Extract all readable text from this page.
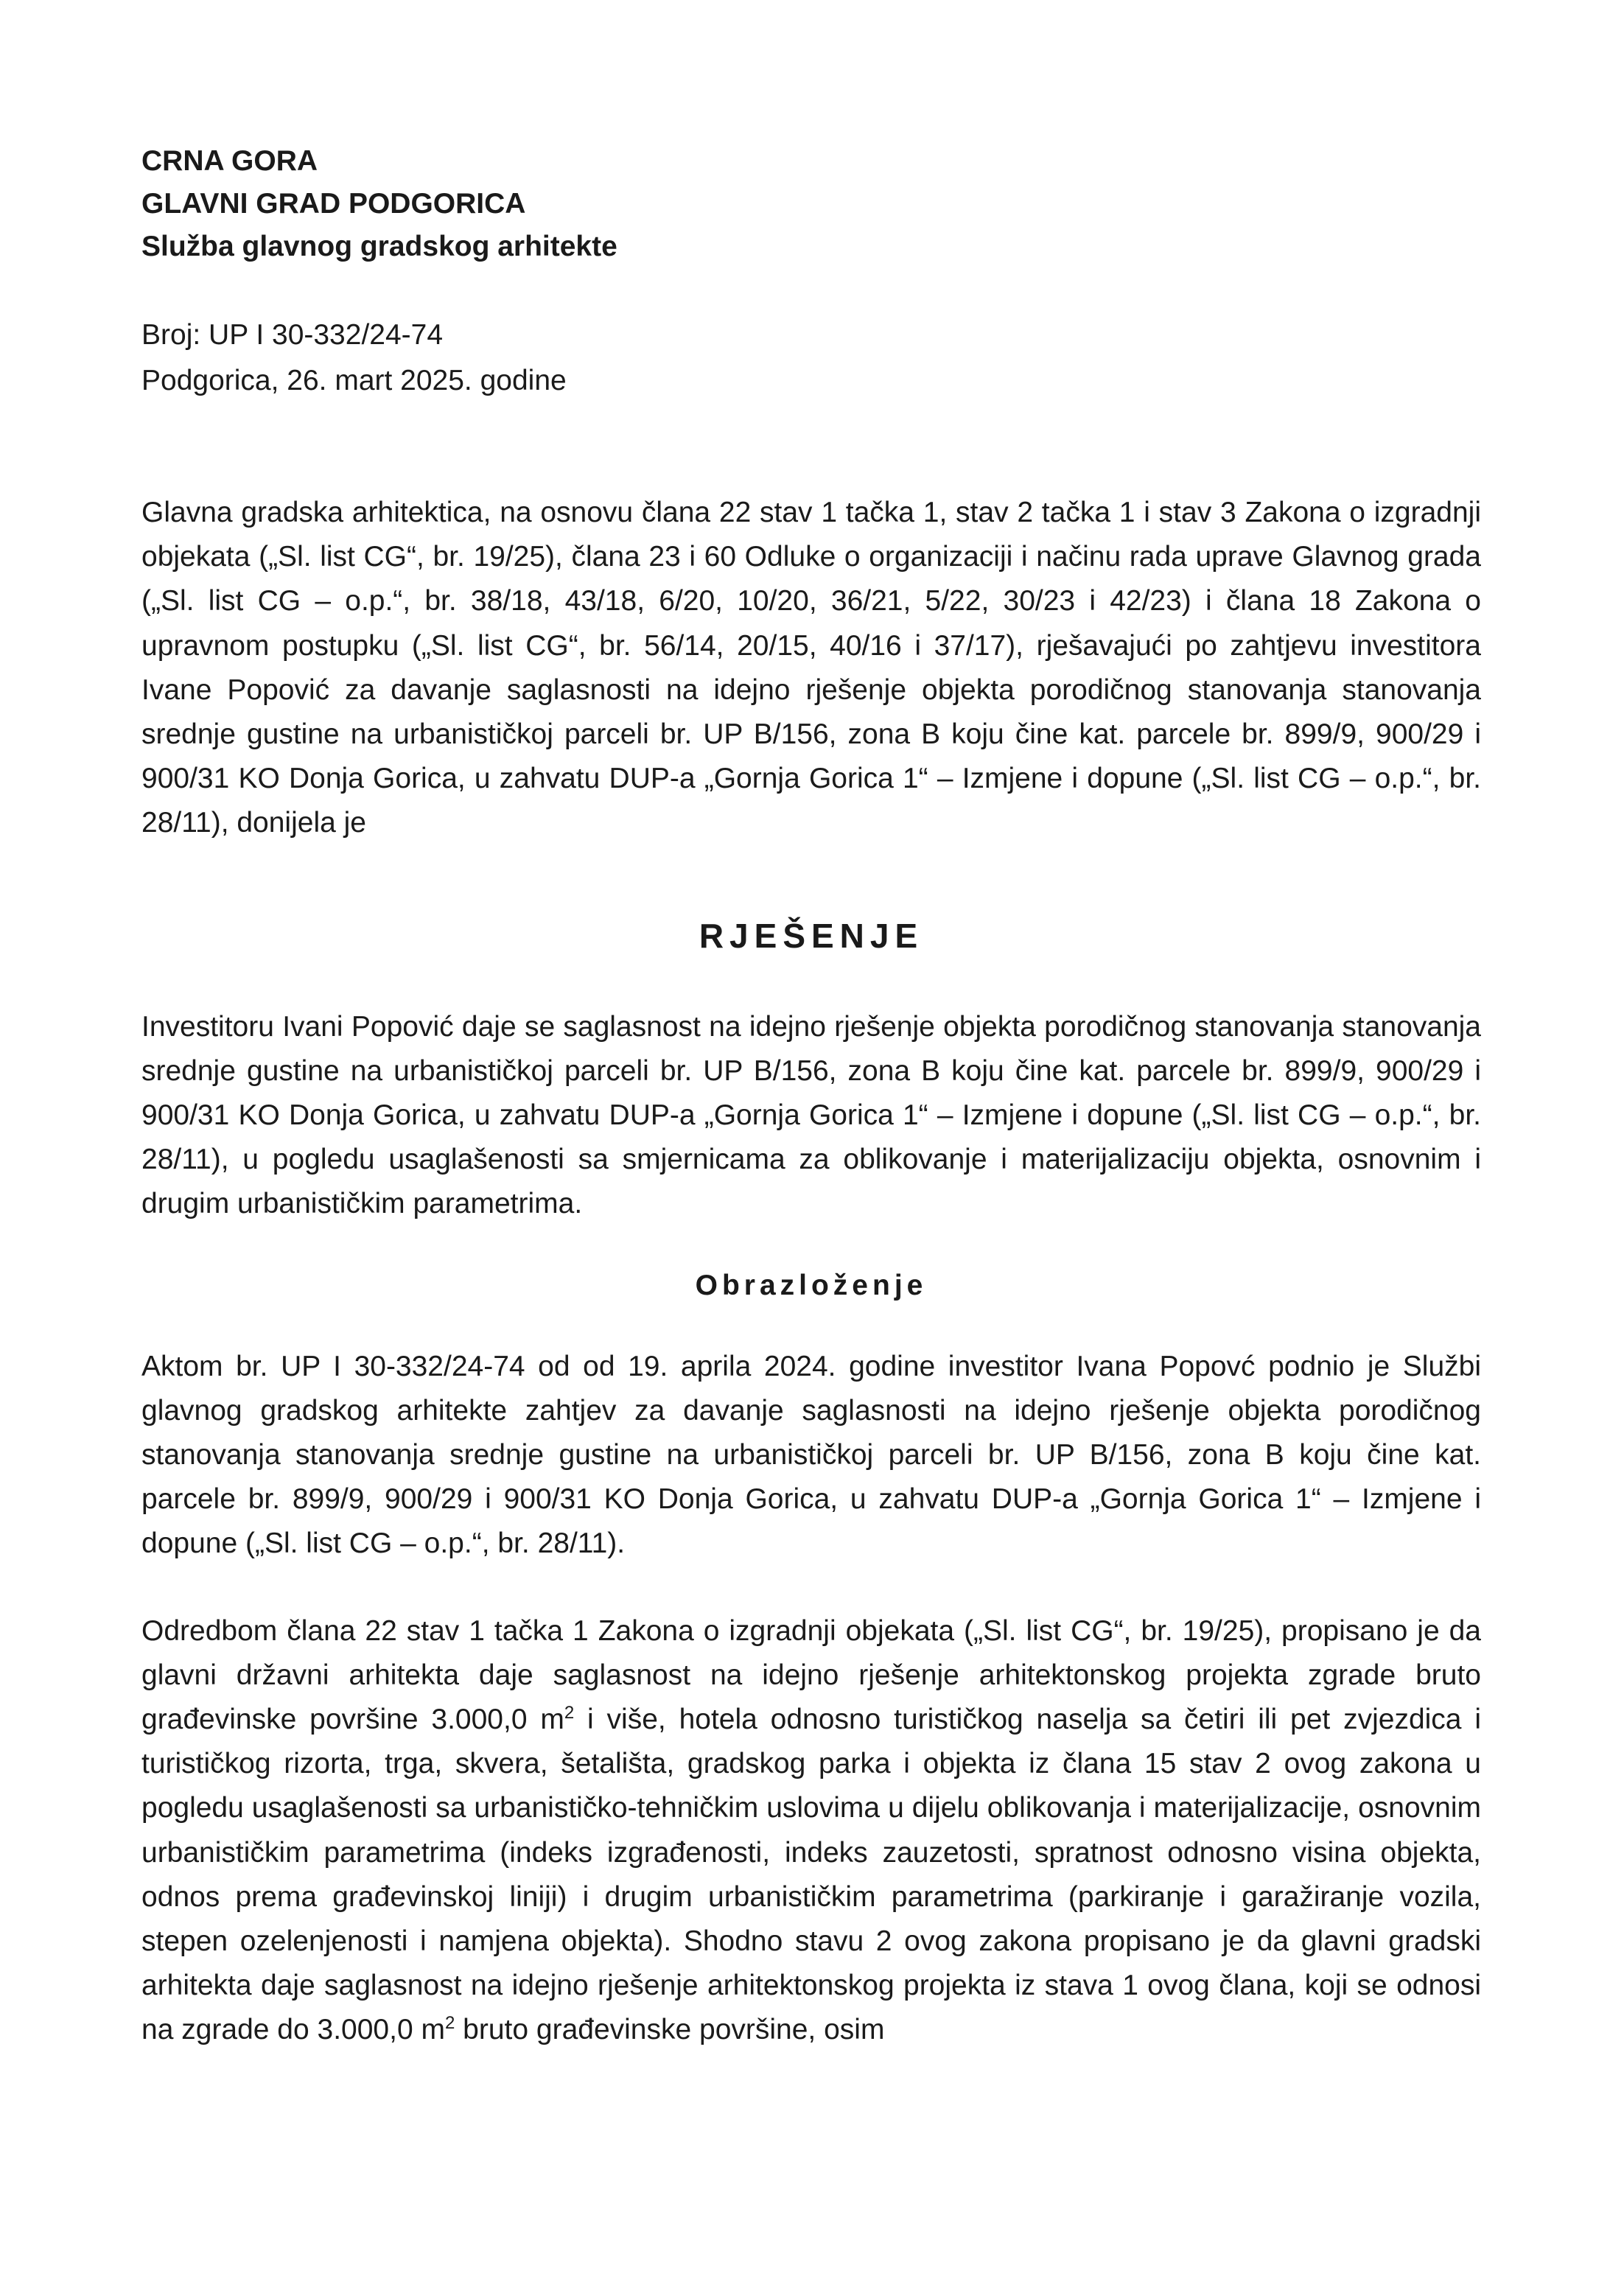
CRNA GORA

GLAVNI GRAD PODGORICA

Služba glavnog gradskog arhitekte

Broj: UP I 30-332/24-74

Podgorica, 26. mart 2025. godine

Glavna gradska arhitektica, na osnovu člana 22 stav 1 tačka 1, stav 2 tačka 1 i stav 3 Zakona o izgradnji objekata („Sl. list CG“, br. 19/25), člana 23 i 60 Odluke o organizaciji i načinu rada uprave Glavnog grada („Sl. list CG – o.p.“, br. 38/18, 43/18, 6/20, 10/20, 36/21, 5/22, 30/23 i 42/23) i člana 18 Zakona o upravnom postupku („Sl. list CG“, br. 56/14, 20/15, 40/16 i 37/17), rješavajući po zahtjevu investitora Ivane Popović za davanje saglasnosti na idejno rješenje objekta porodičnog stanovanja stanovanja srednje gustine na urbanističkoj parceli br. UP B/156, zona B koju čine kat. parcele br. 899/9, 900/29 i 900/31 KO Donja Gorica, u zahvatu DUP-a „Gornja Gorica 1“ – Izmjene i dopune („Sl. list CG – o.p.“, br. 28/11), donijela je

RJEŠENJE

Investitoru Ivani Popović daje se saglasnost na idejno rješenje objekta porodičnog stanovanja stanovanja srednje gustine na urbanističkoj parceli br. UP B/156, zona B koju čine kat. parcele br. 899/9, 900/29 i 900/31 KO Donja Gorica, u zahvatu DUP-a „Gornja Gorica 1“ – Izmjene i dopune („Sl. list CG – o.p.“, br. 28/11), u pogledu usaglašenosti sa smjernicama za oblikovanje i materijalizaciju objekta, osnovnim i drugim urbanističkim parametrima.

Obrazloženje

Aktom br. UP I 30-332/24-74 od od 19. aprila 2024. godine investitor Ivana Popovć podnio je Službi glavnog gradskog arhitekte zahtjev za davanje saglasnosti na idejno rješenje objekta porodičnog stanovanja stanovanja srednje gustine na urbanističkoj parceli br. UP B/156, zona B koju čine kat. parcele br. 899/9, 900/29 i 900/31 KO Donja Gorica, u zahvatu DUP-a „Gornja Gorica 1“ – Izmjene i dopune („Sl. list CG – o.p.“, br. 28/11).

Odredbom člana 22 stav 1 tačka 1 Zakona o izgradnji objekata („Sl. list CG“, br. 19/25), propisano je da glavni državni arhitekta daje saglasnost na idejno rješenje arhitektonskog projekta zgrade bruto građevinske površine 3.000,0 $m^2$ i više, hotela odnosno turističkog naselja sa četiri ili pet zvjezdica i turističkog rizorta, trga, skvera, šetališta, gradskog parka i objekta iz člana 15 stav 2 ovog zakona u pogledu usaglašenosti sa urbanističko-tehničkim uslovima u dijelu oblikovanja i materijalizacije, osnovnim urbanističkim parametrima (indeks izgrađenosti, indeks zauzetosti, spratnost odnosno visina objekta, odnos prema građevinskoj liniji) i drugim urbanističkim parametrima (parkiranje i garažiranje vozila, stepen ozelenjenosti i namjena objekta). Shodno stavu 2 ovog zakona propisano je da glavni gradski arhitekta daje saglasnost na idejno rješenje arhitektonskog projekta iz stava 1 ovog člana, koji se odnosi na zgrade do 3.000,0 $m^2$ bruto građevinske površine, osim
